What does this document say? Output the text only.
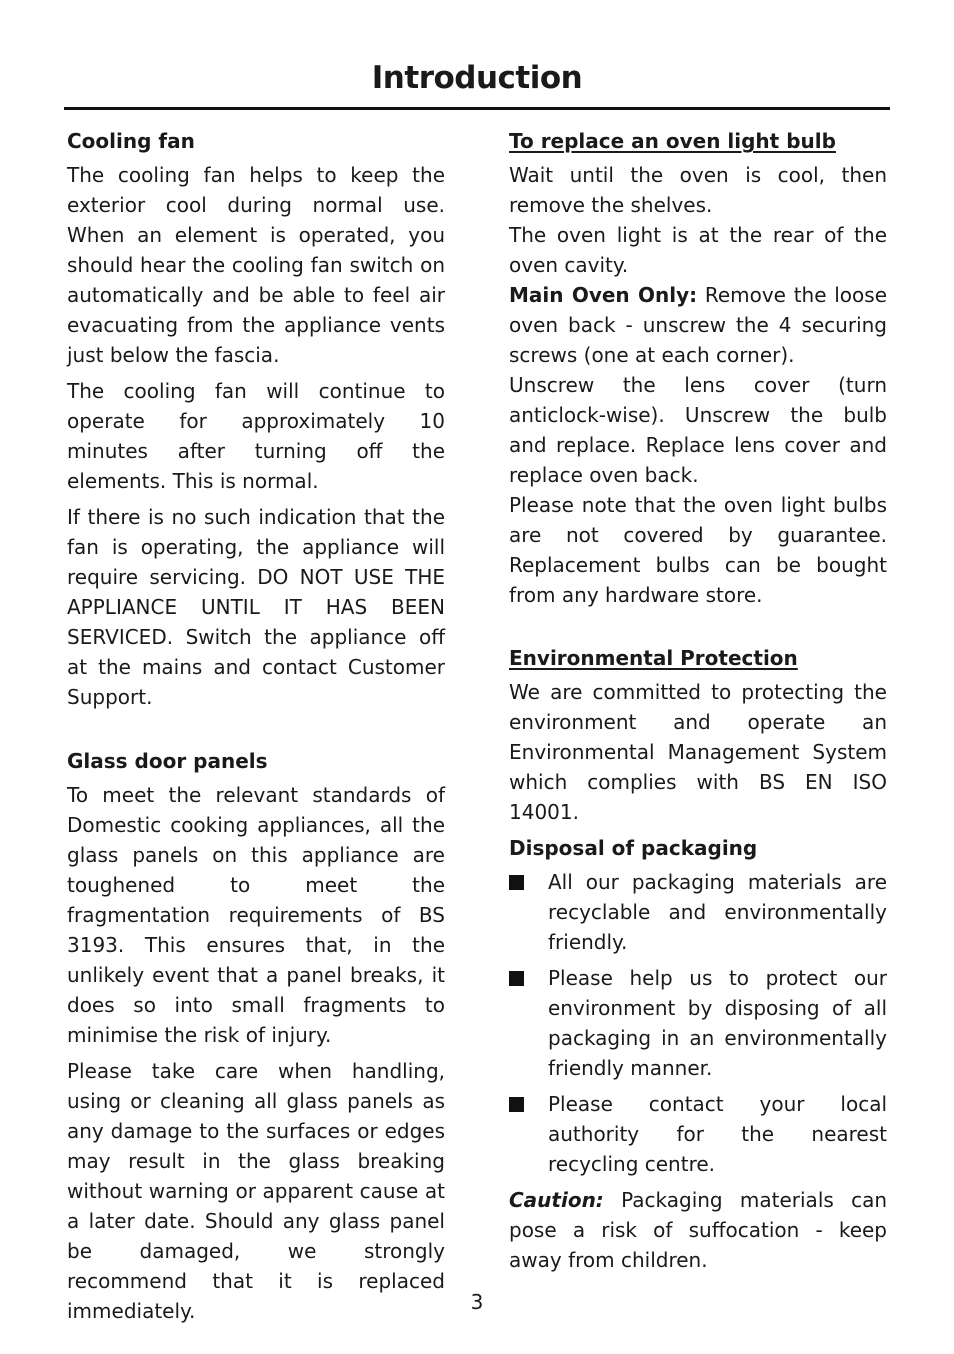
Introduction
Cooling fan

The cooling fan helps to keep the exterior cool during normal use. When an element is operated, you should hear the cooling fan switch on automatically and be able to feel air evacuating from the appliance vents just below the fascia.

The cooling fan will continue to operate for approximately 10 minutes after turning off the elements. This is normal.

If there is no such indication that the fan is operating, the appliance will require servicing. DO NOT USE THE APPLIANCE UNTIL IT HAS BEEN SERVICED. Switch the appliance off at the mains and contact Customer Support.

Glass door panels

To meet the relevant standards of Domestic cooking appliances, all the glass panels on this appliance are toughened to meet the fragmentation requirements of BS 3193. This ensures that, in the unlikely event that a panel breaks, it does so into small fragments to minimise the risk of injury.

Please take care when handling, using or cleaning all glass panels as any damage to the surfaces or edges may result in the glass breaking without warning or apparent cause at a later date. Should any glass panel be damaged, we strongly recommend that it is replaced immediately.

To replace an oven light bulb

Wait until the oven is cool, then remove the shelves.

The oven light is at the rear of the oven cavity.

Main Oven Only: Remove the loose oven back - unscrew the 4 securing screws (one at each corner).

Unscrew the lens cover (turn anticlock-wise). Unscrew the bulb and replace. Replace lens cover and replace oven back.

Please note that the oven light bulbs are not covered by guarantee. Replacement bulbs can be bought from any hardware store.

Environmental Protection

We are committed to protecting the environment and operate an Environmental Management System which complies with BS EN ISO 14001.

Disposal of packaging
All our packaging materials are recyclable and environmentally friendly.
Please help us to protect our environment by disposing of all packaging in an environmentally friendly manner.
Please contact your local authority for the nearest recycling centre.

Caution: Packaging materials can pose a risk of suffocation - keep away from children.

3
